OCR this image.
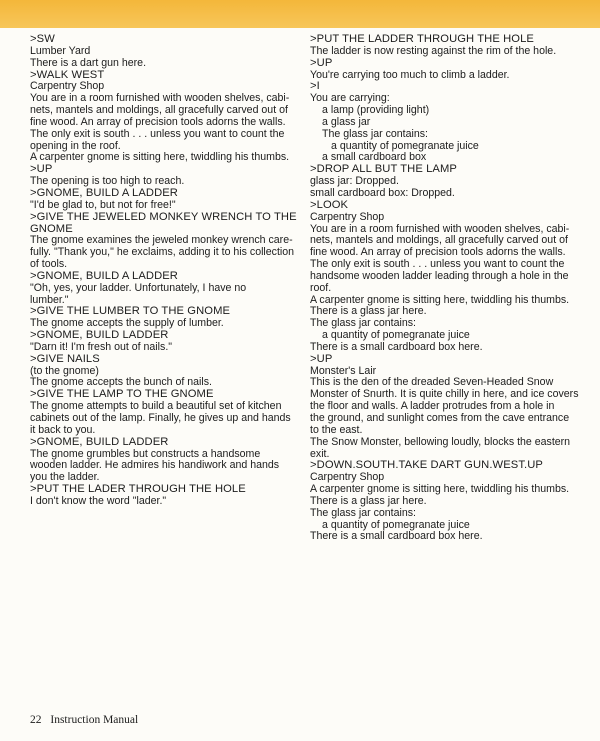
>SW
Lumber Yard
There is a dart gun here.
>WALK WEST
Carpentry Shop
You are in a room furnished with wooden shelves, cabi-
nets, mantels and moldings, all gracefully carved out of
fine wood. An array of precision tools adorns the walls.
The only exit is south . . . unless you want to count the
opening in the roof.
A carpenter gnome is sitting here, twiddling his thumbs.
>UP
The opening is too high to reach.
>GNOME, BUILD A LADDER
"I'd be glad to, but not for free!"
>GIVE THE JEWELED MONKEY WRENCH TO THE
GNOME
The gnome examines the jeweled monkey wrench care-
fully. "Thank you," he exclaims, adding it to his collection
of tools.
>GNOME, BUILD A LADDER
"Oh, yes, your ladder. Unfortunately, I have no
lumber."
>GIVE THE LUMBER TO THE GNOME
The gnome accepts the supply of lumber.
>GNOME, BUILD LADDER
"Darn it! I'm fresh out of nails."
>GIVE NAILS
(to the gnome)
The gnome accepts the bunch of nails.
>GIVE THE LAMP TO THE GNOME
The gnome attempts to build a beautiful set of kitchen
cabinets out of the lamp. Finally, he gives up and hands
it back to you.
>GNOME, BUILD LADDER
The gnome grumbles but constructs a handsome
wooden ladder. He admires his handiwork and hands
you the ladder.
>PUT THE LADER THROUGH THE HOLE
I don't know the word "lader."
>PUT THE LADDER THROUGH THE HOLE
The ladder is now resting against the rim of the hole.
>UP
You're carrying too much to climb a ladder.
>I
You are carrying:
a lamp (providing light)
a glass jar
The glass jar contains:
a quantity of pomegranate juice
a small cardboard box
>DROP ALL BUT THE LAMP
glass jar: Dropped.
small cardboard box: Dropped.
>LOOK
Carpentry Shop
You are in a room furnished with wooden shelves, cabi-
nets, mantels and moldings, all gracefully carved out of
fine wood. An array of precision tools adorns the walls.
The only exit is south . . . unless you want to count the
handsome wooden ladder leading through a hole in the
roof.
A carpenter gnome is sitting here, twiddling his thumbs.
There is a glass jar here.
The glass jar contains:
a quantity of pomegranate juice
There is a small cardboard box here.
>UP
Monster's Lair
This is the den of the dreaded Seven-Headed Snow
Monster of Snurth. It is quite chilly in here, and ice covers
the floor and walls. A ladder protrudes from a hole in
the ground, and sunlight comes from the cave entrance
to the east.
The Snow Monster, bellowing loudly, blocks the eastern
exit.
>DOWN.SOUTH.TAKE DART GUN.WEST.UP
Carpentry Shop
A carpenter gnome is sitting here, twiddling his thumbs.
There is a glass jar here.
The glass jar contains:
a quantity of pomegranate juice
There is a small cardboard box here.
22 Instruction Manual
